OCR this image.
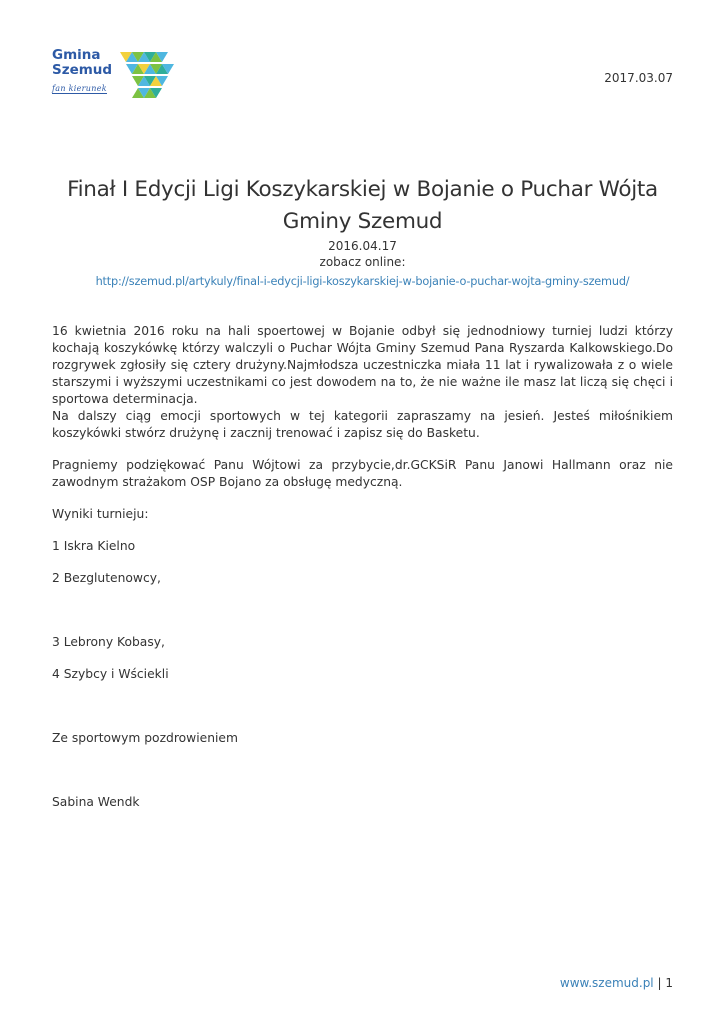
Gmina
Szemud
fan kierunek
2017.03.07
Finał I Edycji Ligi Koszykarskiej w Bojanie o Puchar Wójta Gminy Szemud
2016.04.17
zobacz online:
http://szemud.pl/artykuly/final-i-edycji-ligi-koszykarskiej-w-bojanie-o-puchar-wojta-gminy-szemud/

16 kwietnia 2016 roku na hali spoertowej w Bojanie odbył się jednodniowy turniej ludzi którzy kochają koszykówkę którzy walczyli o Puchar Wójta Gminy Szemud Pana Ryszarda Kalkowskiego.Do rozgrywek zgłosiły się cztery drużyny.Najmłodsza uczestniczka miała 11 lat i rywalizowała z o wiele starszymi i wyższymi uczestnikami co jest dowodem na to, że nie ważne ile masz lat liczą się chęci i sportowa determinacja.

Na dalszy ciąg emocji sportowych w tej kategorii zapraszamy na jesień. Jesteś miłośnikiem koszykówki stwórz drużynę i zacznij trenować i zapisz się do Basketu.

Pragniemy podziękować Panu Wójtowi za przybycie,dr.GCKSiR Panu Janowi Hallmann oraz nie zawodnym strażakom OSP Bojano za obsługę medyczną.

Wyniki turnieju:

1 Iskra Kielno

2 Bezglutenowcy,

3 Lebrony Kobasy,

4 Szybcy i Wściekli

Ze sportowym pozdrowieniem

Sabina Wendk

www.szemud.pl | 1
